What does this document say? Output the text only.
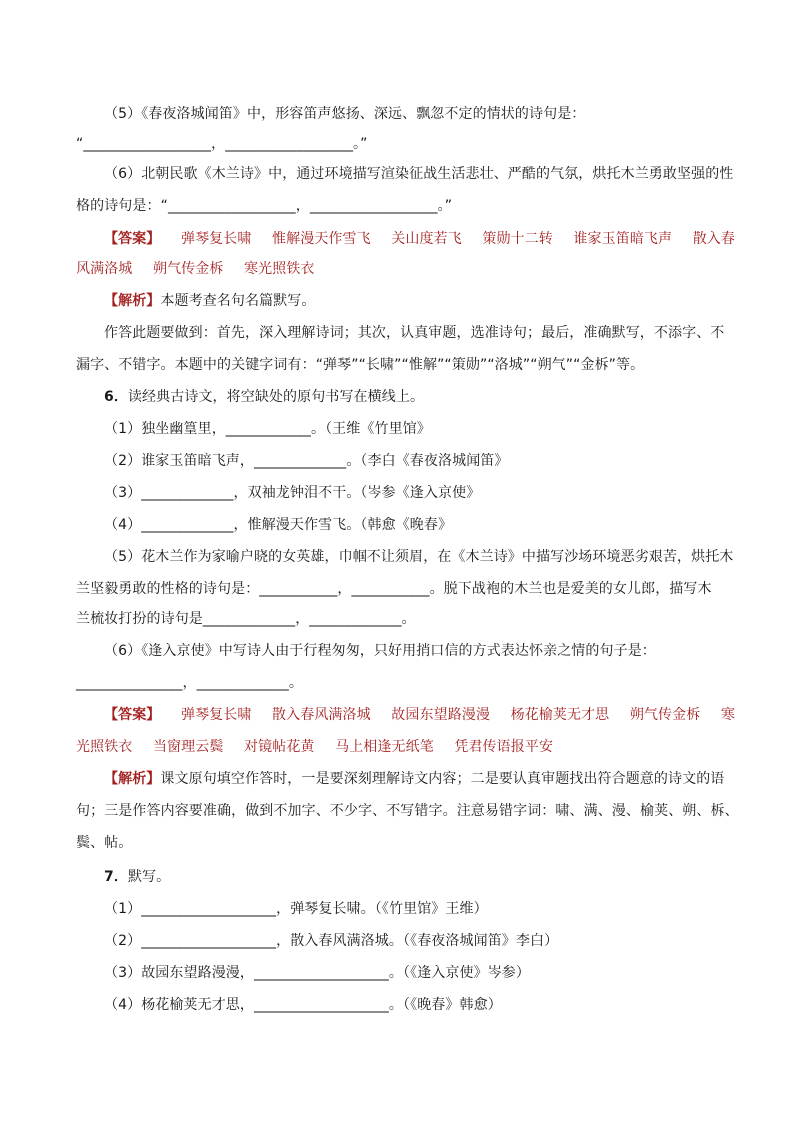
（5）《春夜洛城闻笛》中，形容笛声悠扬、深远、飘忽不定的情状的诗句是：
“__________________，__________________。”
（6）北朝民歌《木兰诗》中，通过环境描写渲染征战生活悲壮、严酷的气氛，烘托木兰勇敢坚强的性
格的诗句是：“__________________，__________________。”
【答案】 弹琴复长啸 惟解漫天作雪飞 关山度若飞 策勋十二转 谁家玉笛暗飞声 散入春
风满洛城 朔气传金柝 寒光照铁衣
【解析】本题考查名句名篇默写。
作答此题要做到：首先，深入理解诗词；其次，认真审题，选准诗句；最后，准确默写，不添字、不
漏字、不错字。本题中的关键字词有：“弹琴”“长啸”“惟解”“策勋”“洛城”“朔气”“金柝”等。
6．读经典古诗文，将空缺处的原句书写在横线上。
（1）独坐幽篁里，____________。（王维《竹里馆》
（2）谁家玉笛暗飞声，_____________。（李白《春夜洛城闻笛》
（3）_____________，双袖龙钟泪不干。（岑参《逢入京使》
（4）_____________，惟解漫天作雪飞。（韩愈《晚春》
（5）花木兰作为家喻户晓的女英雄，巾帼不让须眉，在《木兰诗》中描写沙场环境恶劣艰苦，烘托木
兰坚毅勇敢的性格的诗句是：___________，___________。脱下战袍的木兰也是爱美的女儿郎，描写木
兰梳妆打扮的诗句是_____________，_____________。
（6）《逢入京使》中写诗人由于行程匆匆，只好用捎口信的方式表达怀亲之情的句子是：
_______________，_____________。
【答案】 弹琴复长啸 散入春风满洛城 故园东望路漫漫 杨花榆荚无才思 朔气传金柝 寒
光照铁衣 当窗理云鬓 对镜帖花黄 马上相逢无纸笔 凭君传语报平安
【解析】课文原句填空作答时，一是要深刻理解诗文内容；二是要认真审题找出符合题意的诗文的语
句；三是作答内容要准确，做到不加字、不少字、不写错字。注意易错字词：啸、满、漫、榆荚、朔、柝、
鬓、帖。
7．默写。
（1）___________________，弹琴复长啸。（《竹里馆》王维）
（2）___________________，散入春风满洛城。（《春夜洛城闻笛》李白）
（3）故园东望路漫漫，___________________。（《逢入京使》岑参）
（4）杨花榆荚无才思，___________________。（《晚春》韩愈）
